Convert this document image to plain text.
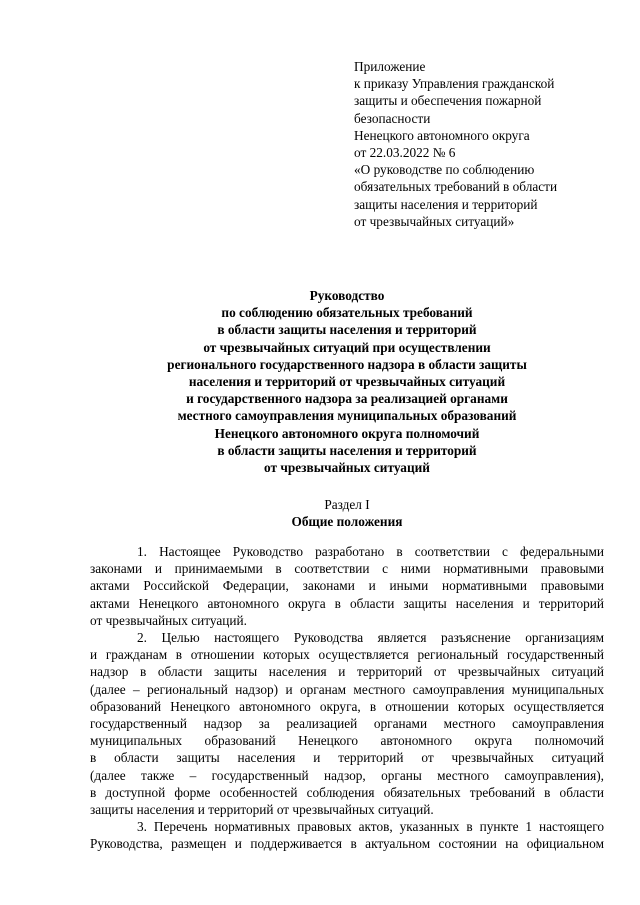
Приложение
к приказу Управления гражданской
защиты и обеспечения пожарной
безопасности
Ненецкого автономного округа
от 22.03.2022 № 6
«О руководстве по соблюдению
обязательных требований в области
защиты населения и территорий
от чрезвычайных ситуаций»
Руководство
по соблюдению обязательных требований
в области защиты населения и территорий
от чрезвычайных ситуаций при осуществлении
регионального государственного надзора в области защиты
населения и территорий от чрезвычайных ситуаций
и государственного надзора за реализацией органами
местного самоуправления муниципальных образований
Ненецкого автономного округа полномочий
в области защиты населения и территорий
от чрезвычайных ситуаций
Раздел I
Общие положения
1. Настоящее Руководство разработано в соответствии с федеральными
законами и принимаемыми в соответствии с ними нормативными правовыми
актами Российской Федерации, законами и иными нормативными правовыми
актами Ненецкого автономного округа в области защиты населения и территорий
от чрезвычайных ситуаций.
2. Целью настоящего Руководства является разъяснение организациям
и гражданам в отношении которых осуществляется региональный государственный
надзор в области защиты населения и территорий от чрезвычайных ситуаций
(далее – региональный надзор) и органам местного самоуправления муниципальных
образований Ненецкого автономного округа, в отношении которых осуществляется
государственный надзор за реализацией органами местного самоуправления
муниципальных образований Ненецкого автономного округа полномочий
в области защиты населения и территорий от чрезвычайных ситуаций
(далее также – государственный надзор, органы местного самоуправления),
в доступной форме особенностей соблюдения обязательных требований в области
защиты населения и территорий от чрезвычайных ситуаций.
3. Перечень нормативных правовых актов, указанных в пункте 1 настоящего
Руководства, размещен и поддерживается в актуальном состоянии на официальном
